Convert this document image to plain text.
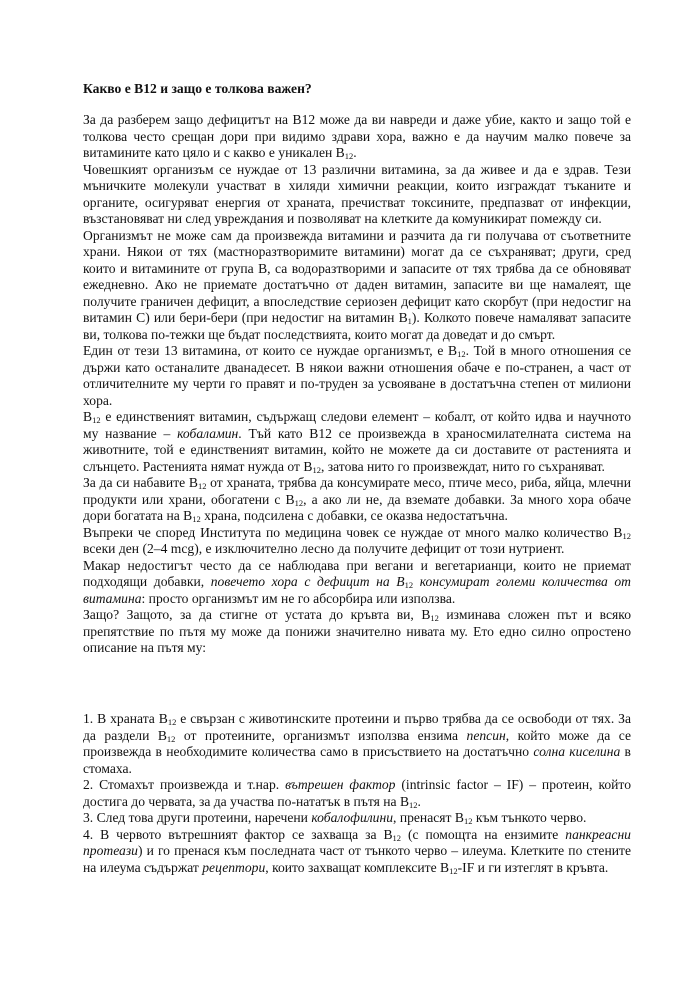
Какво е В12 и защо е толкова важен?

За да разберем защо дефицитът на В12 може да ви навреди и даже убие, както и защо той е толкова често срещан дори при видимо здрави хора, важно е да научим малко повече за витамините като цяло и с какво е уникален $В_{12}$.

Човешкият организъм се нуждае от 13 различни витамина, за да живее и да е здрав. Тези мъничките молекули участват в хиляди химични реакции, които изграждат тъканите и органите, осигуряват енергия от храната, пречистват токсините, предпазват от инфекции, възстановяват ни след увреждания и позволяват на клетките да комуникират помежду си.

Организмът не може сам да произвежда витамини и разчита да ги получава от съответните храни. Някои от тях (мастноразтворимите витамини) могат да се съхраняват; други, сред които и витамините от група В, са водоразтворими и запасите от тях трябва да се обновяват ежедневно. Ако не приемате достатъчно от даден витамин, запасите ви ще намалеят, ще получите граничен дефицит, а впоследствие сериозен дефицит като скорбут (при недостиг на витамин С) или бери-бери (при недостиг на витамин $В_1$). Колкото повече намаляват запасите ви, толкова по-тежки ще бъдат последствията, които могат да доведат и до смърт.

Един от тези 13 витамина, от които се нуждае организмът, е $В_{12}$. Той в много отношения се държи като останалите дванадесет. В някои важни отношения обаче е по-странен, а част от отличителните му черти го правят и по-труден за усвояване в достатъчна степен от милиони хора.

$В_{12}$ е единственият витамин, съдържащ следови елемент – кобалт, от който идва и научното му название – кобаламин. Тъй като В12 се произвежда в храносмилателната система на животните, той е единственият витамин, който не можете да си доставите от растенията и слънцето. Растенията нямат нужда от $В_{12}$, затова нито го произвеждат, нито го съхраняват.

За да си набавите $В_{12}$ от храната, трябва да консумирате месо, птиче месо, риба, яйца, млечни продукти или храни, обогатени с $В_{12}$, а ако ли не, да вземате добавки. За много хора обаче дори богатата на $В_{12}$ храна, подсилена с добавки, се оказва недостатъчна.

Въпреки че според Института по медицина човек се нуждае от много малко количество $В_{12}$ всеки ден (2–4 mcg), е изключително лесно да получите дефицит от този нутриент.

Макар недостигът често да се наблюдава при вегани и вегетарианци, които не приемат подходящи добавки, повечето хора с дефицит на $В_{12}$ консумират големи количества от витамина: просто организмът им не го абсорбира или използва.

Защо? Защото, за да стигне от устата до кръвта ви, $В_{12}$ изминава сложен път и всяко препятствие по пътя му може да понижи значително нивата му. Ето едно силно опростено описание на пътя му:

1. В храната $В_{12}$ е свързан с животинските протеини и първо трябва да се освободи от тях. За да раздели $В_{12}$ от протеините, организмът използва ензима пепсин, който може да се произвежда в необходимите количества само в присъствието на достатъчно солна киселина в стомаха.

2. Стомахът произвежда и т.нар. вътрешен фактор (intrinsic factor – IF) – протеин, който достига до червата, за да участва по-нататък в пътя на $В_{12}$.

3. След това други протеини, наречени кобалофилини, пренасят $В_{12}$ към тънкото черво.

4. В червото вътрешният фактор се захваща за $В_{12}$ (с помощта на ензимите панкреасни протеази) и го пренася към последната част от тънкото черво – илеума. Клетките по стените на илеума съдържат рецептори, които захващат комплексите $В_{12}-IF$ и ги изтеглят в кръвта.
